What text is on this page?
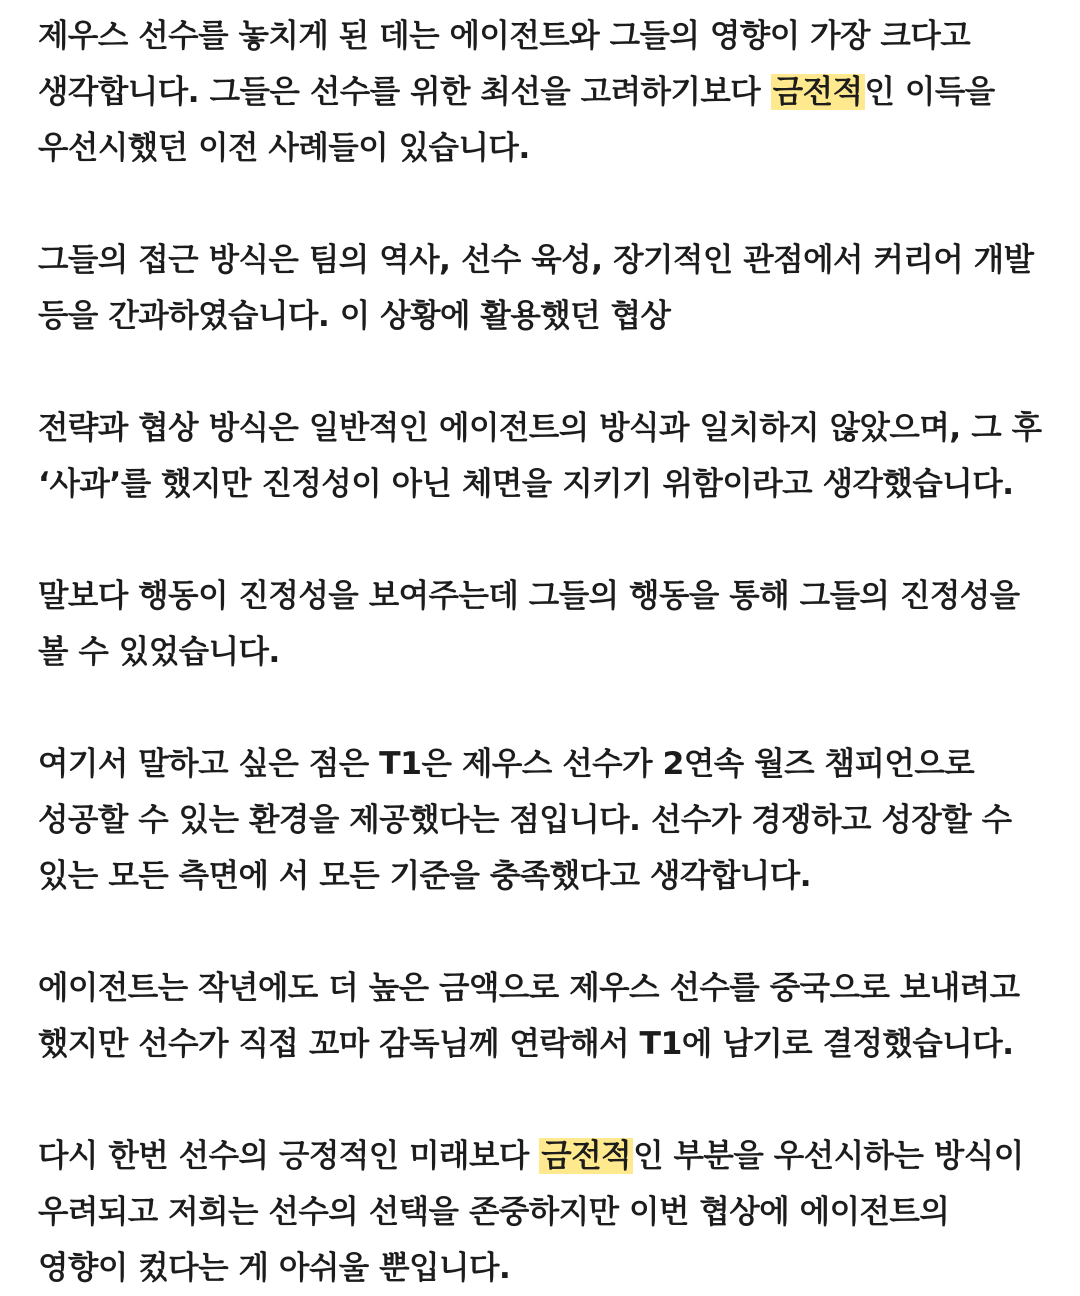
제우스 선수를 놓치게 된 데는 에이전트와 그들의 영향이 가장 크다고 생각합니다. 그들은 선수를 위한 최선을 고려하기보다 금전적인 이득을 우선시했던 이전 사례들이 있습니다.

그들의 접근 방식은 팀의 역사, 선수 육성, 장기적인 관점에서 커리어 개발 등을 간과하였습니다. 이 상황에 활용했던 협상

전략과 협상 방식은 일반적인 에이전트의 방식과 일치하지 않았으며, 그 후 ‘사과’를 했지만 진정성이 아닌 체면을 지키기 위함이라고 생각했습니다.

말보다 행동이 진정성을 보여주는데 그들의 행동을 통해 그들의 진정성을 볼 수 있었습니다.

여기서 말하고 싶은 점은 T1은 제우스 선수가 2연속 월즈 챔피언으로 성공할 수 있는 환경을 제공했다는 점입니다. 선수가 경쟁하고 성장할 수 있는 모든 측면에 서 모든 기준을 충족했다고 생각합니다.

에이전트는 작년에도 더 높은 금액으로 제우스 선수를 중국으로 보내려고 했지만 선수가 직접 꼬마 감독님께 연락해서 T1에 남기로 결정했습니다.

다시 한번 선수의 긍정적인 미래보다 금전적인 부분을 우선시하는 방식이 우려되고 저희는 선수의 선택을 존중하지만 이번 협상에 에이전트의 영향이 컸다는 게 아쉬울 뿐입니다.
